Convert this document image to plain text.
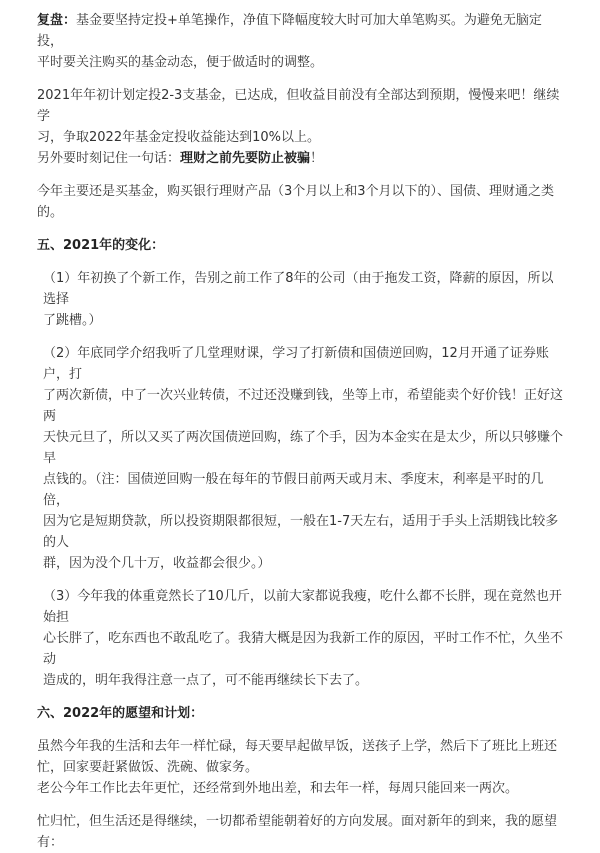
复盘：基金要坚持定投+单笔操作，净值下降幅度较大时可加大单笔购买。为避免无脑定投，
平时要关注购买的基金动态，便于做适时的调整。

2021年年初计划定投2-3支基金，已达成，但收益目前没有全部达到预期，慢慢来吧！继续学
习，争取2022年基金定投收益能达到10%以上。
另外要时刻记住一句话：理财之前先要防止被骗！

今年主要还是买基金，购买银行理财产品（3个月以上和3个月以下的）、国债、理财通之类
的。

五、2021年的变化：

（1）年初换了个新工作，告别之前工作了8年的公司（由于拖发工资，降薪的原因，所以选择
了跳槽。）

（2）年底同学介绍我听了几堂理财课，学习了打新债和国债逆回购，12月开通了证券账户，打
了两次新债，中了一次兴业转债，不过还没赚到钱，坐等上市，希望能卖个好价钱！正好这两
天快元旦了，所以又买了两次国债逆回购，练了个手，因为本金实在是太少，所以只够赚个早
点钱的。（注：国债逆回购一般在每年的节假日前两天或月末、季度末，利率是平时的几倍，
因为它是短期贷款，所以投资期限都很短，一般在1-7天左右，适用于手头上活期钱比较多的人
群，因为没个几十万，收益都会很少。）

（3）今年我的体重竟然长了10几斤，以前大家都说我瘦，吃什么都不长胖，现在竟然也开始担
心长胖了，吃东西也不敢乱吃了。我猜大概是因为我新工作的原因，平时工作不忙，久坐不动
造成的，明年我得注意一点了，可不能再继续长下去了。

六、2022年的愿望和计划：

虽然今年我的生活和去年一样忙碌，每天要早起做早饭，送孩子上学，然后下了班比上班还
忙，回家要赶紧做饭、洗碗、做家务。
老公今年工作比去年更忙，还经常到外地出差，和去年一样，每周只能回来一两次。

忙归忙，但生活还是得继续，一切都希望能朝着好的方向发展。面对新年的到来，我的愿望
有：
